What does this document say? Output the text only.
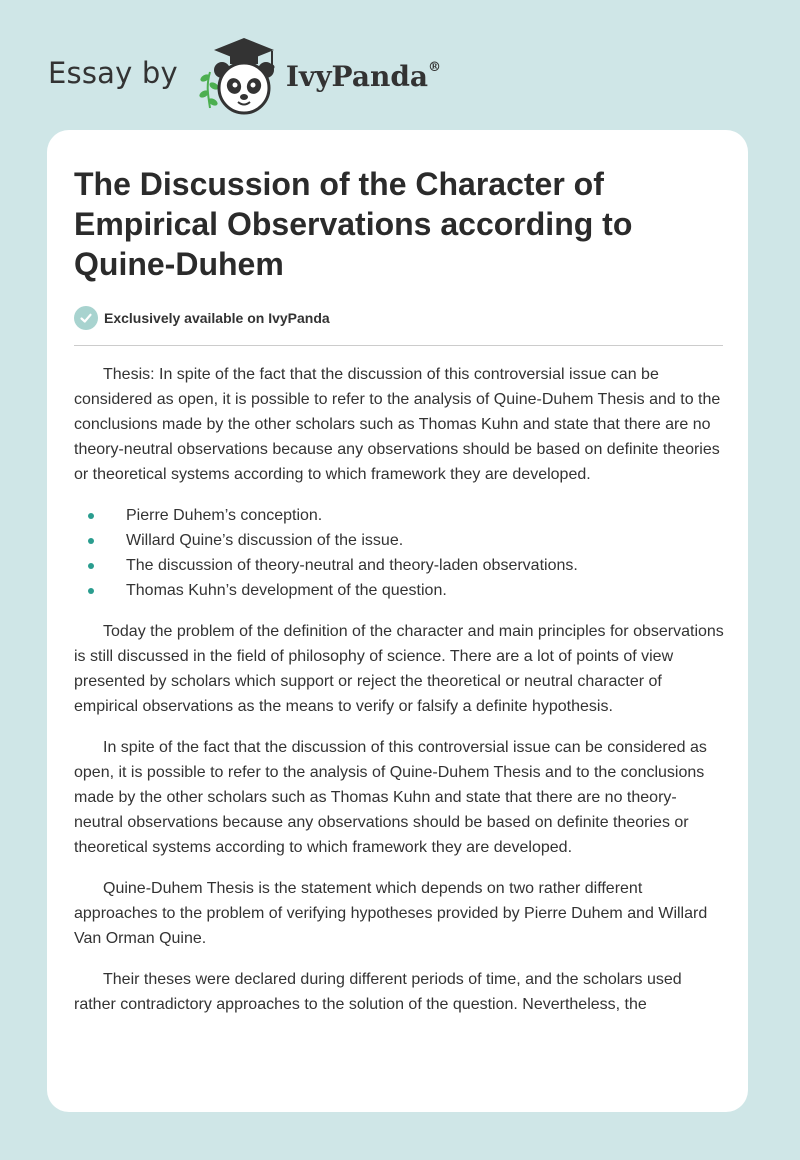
Essay by	IvyPanda®
The Discussion of the Character of Empirical Observations according to Quine-Duhem
Exclusively available on IvyPanda

Thesis: In spite of the fact that the discussion of this controversial issue can be considered as open, it is possible to refer to the analysis of Quine-Duhem Thesis and to the conclusions made by the other scholars such as Thomas Kuhn and state that there are no theory-neutral observations because any observations should be based on definite theories or theoretical systems according to which framework they are developed.

Pierre Duhem’s conception.
Willard Quine’s discussion of the issue.
The discussion of theory-neutral and theory-laden observations.
Thomas Kuhn’s development of the question.

Today the problem of the definition of the character and main principles for observations is still discussed in the field of philosophy of science. There are a lot of points of view presented by scholars which support or reject the theoretical or neutral character of empirical observations as the means to verify or falsify a definite hypothesis.

In spite of the fact that the discussion of this controversial issue can be considered as open, it is possible to refer to the analysis of Quine-Duhem Thesis and to the conclusions made by the other scholars such as Thomas Kuhn and state that there are no theory-neutral observations because any observations should be based on definite theories or theoretical systems according to which framework they are developed.

Quine-Duhem Thesis is the statement which depends on two rather different approaches to the problem of verifying hypotheses provided by Pierre Duhem and Willard Van Orman Quine.

Their theses were declared during different periods of time, and the scholars used rather contradictory approaches to the solution of the question. Nevertheless, the
